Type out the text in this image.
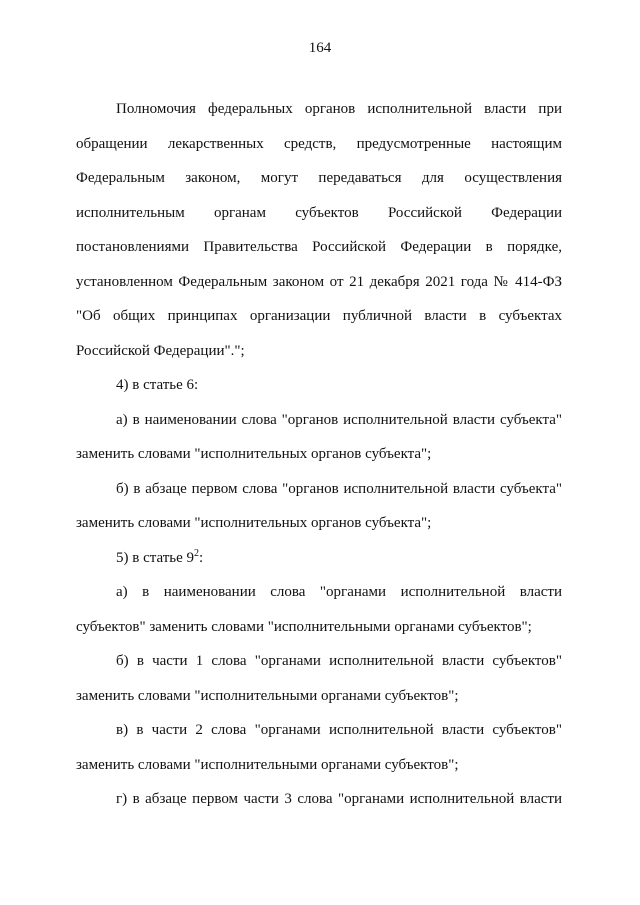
164
Полномочия федеральных органов исполнительной власти при
обращении лекарственных средств, предусмотренные настоящим
Федеральным законом, могут передаваться для осуществления
исполнительным органам субъектов Российской Федерации
постановлениями Правительства Российской Федерации в порядке,
установленном Федеральным законом от 21 декабря 2021 года № 414-ФЗ
"Об общих принципах организации публичной власти в субъектах
Российской Федерации".";
4) в статье 6:
а) в наименовании слова "органов исполнительной власти субъекта"
заменить словами "исполнительных органов субъекта";
б) в абзаце первом слова "органов исполнительной власти субъекта"
заменить словами "исполнительных органов субъекта";
5) в статье $9^2$:
а) в наименовании слова "органами исполнительной власти
субъектов" заменить словами "исполнительными органами субъектов";
б) в части 1 слова "органами исполнительной власти субъектов"
заменить словами "исполнительными органами субъектов";
в) в части 2 слова "органами исполнительной власти субъектов"
заменить словами "исполнительными органами субъектов";
г) в абзаце первом части 3 слова "органами исполнительной власти
